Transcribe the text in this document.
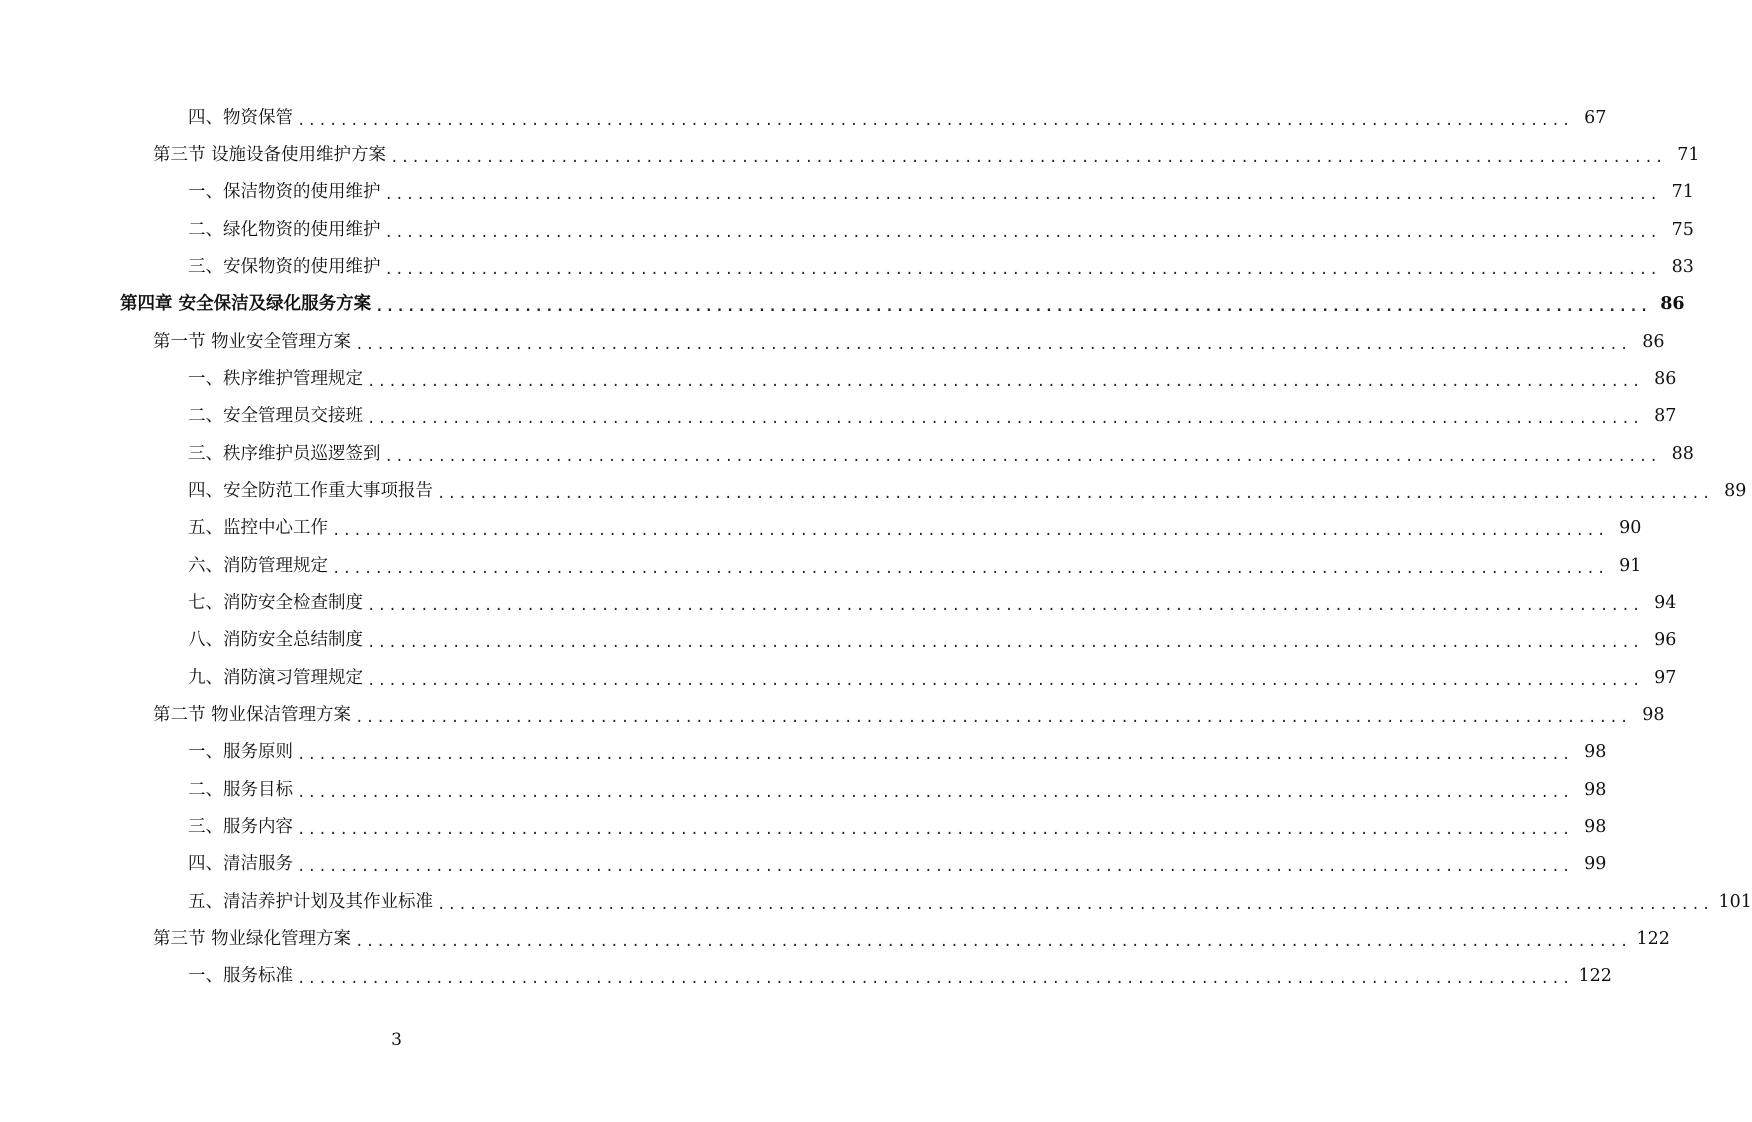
四、物资保管 ........................................................................................................................ 67
第三节 设施设备使用维护方案 ........................................................................................................................ 71
一、保洁物资的使用维护 ........................................................................................................................ 71
二、绿化物资的使用维护 ........................................................................................................................ 75
三、安保物资的使用维护 ........................................................................................................................ 83
第四章 安全保洁及绿化服务方案 ........................................................................................................................ 86
第一节 物业安全管理方案 ........................................................................................................................ 86
一、秩序维护管理规定 ........................................................................................................................ 86
二、安全管理员交接班 ........................................................................................................................ 87
三、秩序维护员巡逻签到 ........................................................................................................................ 88
四、安全防范工作重大事项报告 ........................................................................................................................ 89
五、监控中心工作 ........................................................................................................................ 90
六、消防管理规定 ........................................................................................................................ 91
七、消防安全检查制度 ........................................................................................................................ 94
八、消防安全总结制度 ........................................................................................................................ 96
九、消防演习管理规定 ........................................................................................................................ 97
第二节 物业保洁管理方案 ........................................................................................................................ 98
一、服务原则 ........................................................................................................................ 98
二、服务目标 ........................................................................................................................ 98
三、服务内容 ........................................................................................................................ 98
四、清洁服务 ........................................................................................................................ 99
五、清洁养护计划及其作业标准 ........................................................................................................................ 101
第三节 物业绿化管理方案 ........................................................................................................................ 122
一、服务标准 ........................................................................................................................ 122
3
